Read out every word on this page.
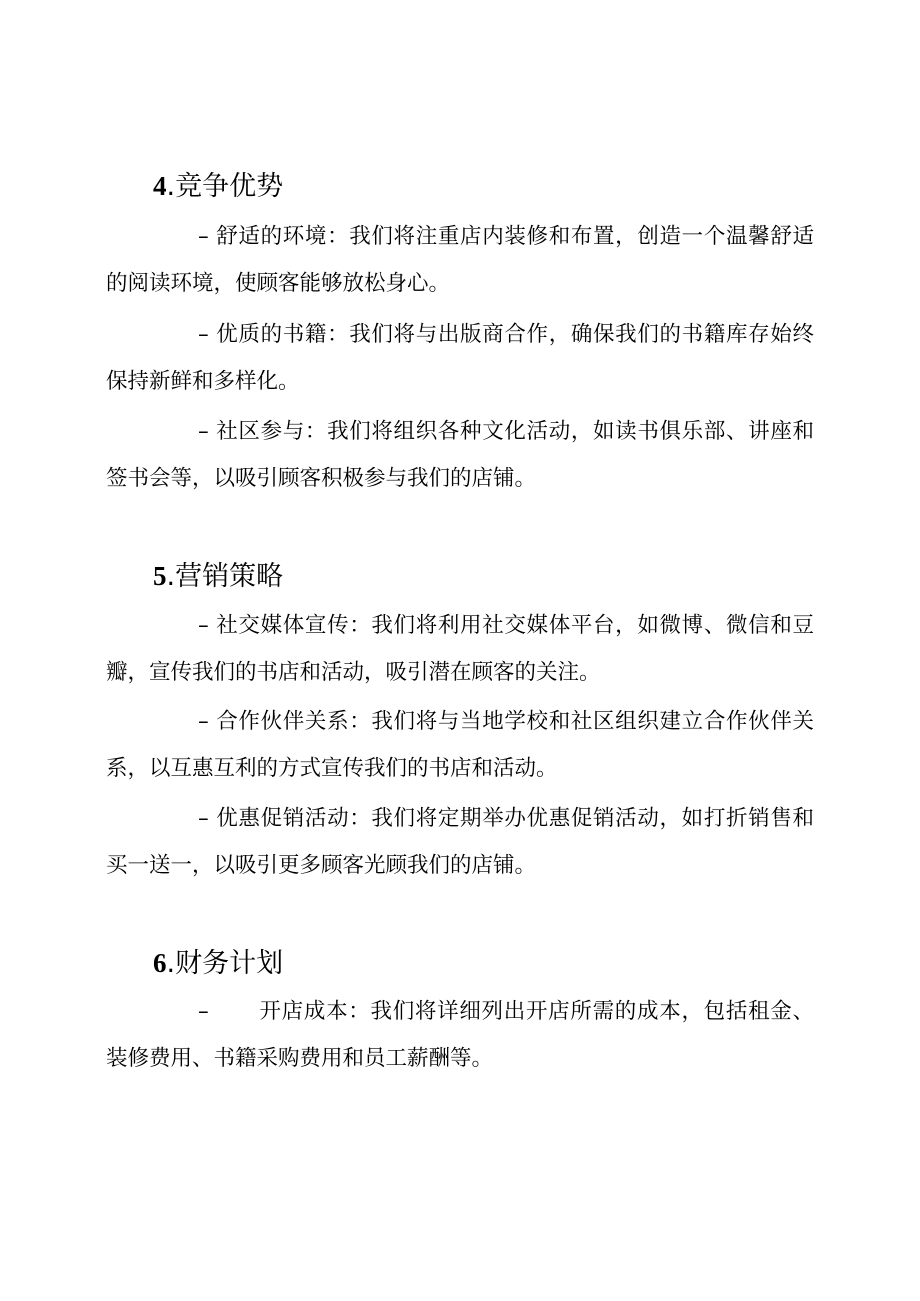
4.竞争优势
– 舒适的环境：我们将注重店内装修和布置，创造一个温馨舒适的阅读环境，使顾客能够放松身心。
– 优质的书籍：我们将与出版商合作，确保我们的书籍库存始终保持新鲜和多样化。
– 社区参与：我们将组织各种文化活动，如读书俱乐部、讲座和签书会等，以吸引顾客积极参与我们的店铺。
5.营销策略
– 社交媒体宣传：我们将利用社交媒体平台，如微博、微信和豆瓣，宣传我们的书店和活动，吸引潜在顾客的关注。
– 合作伙伴关系：我们将与当地学校和社区组织建立合作伙伴关系，以互惠互利的方式宣传我们的书店和活动。
– 优惠促销活动：我们将定期举办优惠促销活动，如打折销售和买一送一，以吸引更多顾客光顾我们的店铺。
6.财务计划
– 开店成本：我们将详细列出开店所需的成本，包括租金、装修费用、书籍采购费用和员工薪酬等。
